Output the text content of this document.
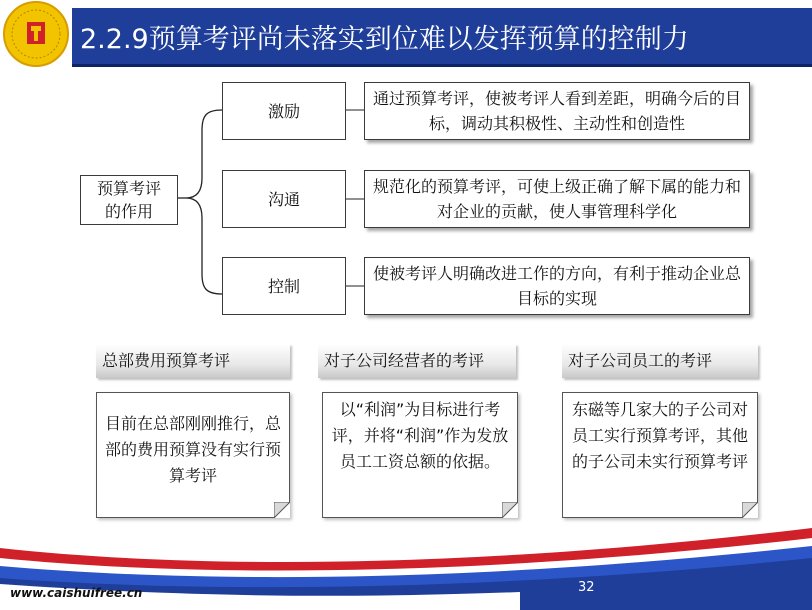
2.2.9预算考评尚未落实到位难以发挥预算的控制力
预算考评
的作用
激励
沟通
控制
通过预算考评，使被考评人看到差距，明确今后的目标，调动其积极性、主动性和创造性
规范化的预算考评，可使上级正确了解下属的能力和对企业的贡献，使人事管理科学化
使被考评人明确改进工作的方向，有利于推动企业总目标的实现
总部费用预算考评	对子公司经营者的考评	对子公司员工的考评
目前在总部刚刚推行，总部的费用预算没有实行预算考评
以“利润”为目标进行考评，并将“利润”作为发放员工工资总额的依据。
东磁等几家大的子公司对员工实行预算考评，其他的子公司未实行预算考评
www.caishuifree.cn	32
